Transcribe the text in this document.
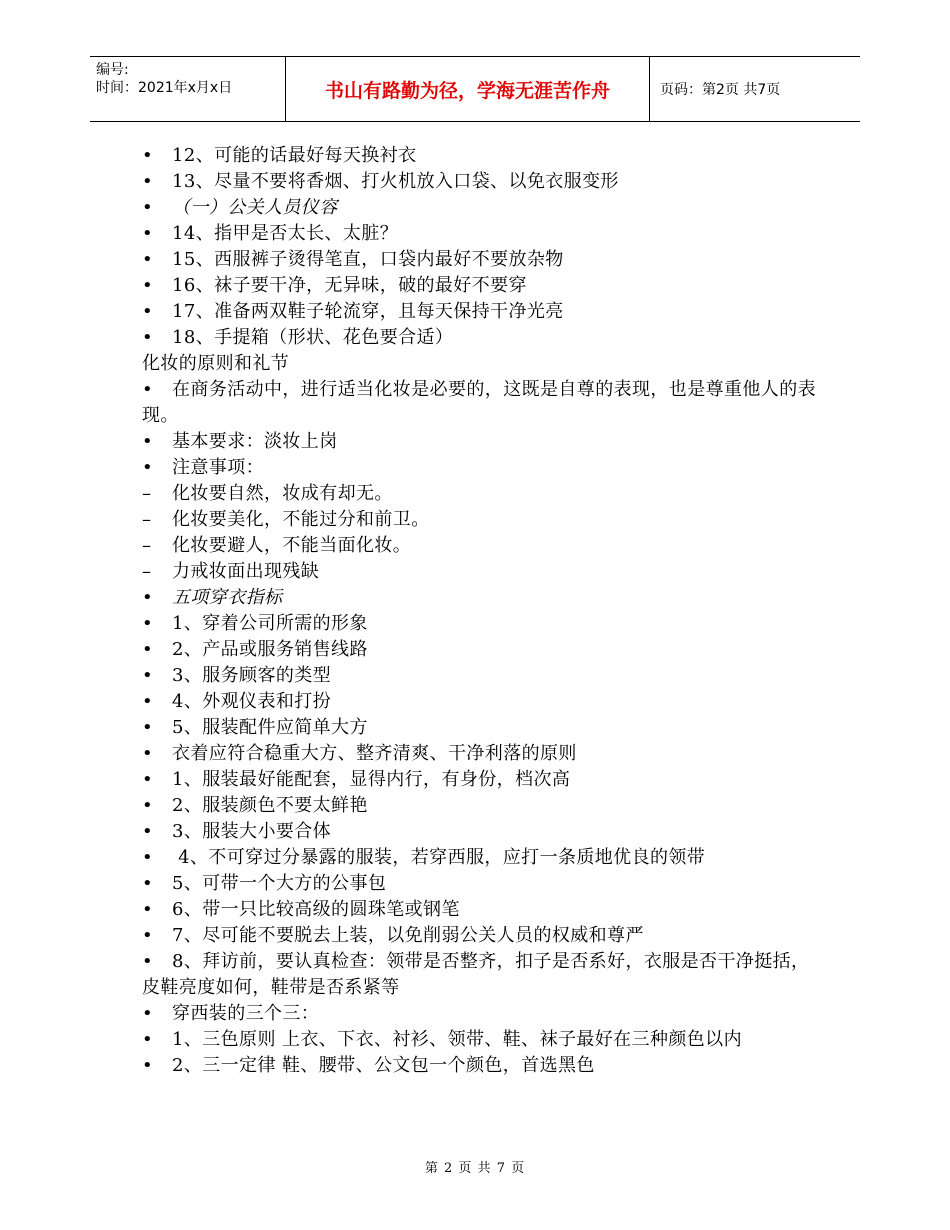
编号:
时间：2021年x月x日	书山有路勤为径，学海无涯苦作舟	页码：第2页 共7页
• 12、可能的话最好每天换衬衣
• 13、尽量不要将香烟、打火机放入口袋、以免衣服变形
• （一）公关人员仪容
• 14、指甲是否太长、太脏？
• 15、西服裤子烫得笔直，口袋内最好不要放杂物
• 16、袜子要干净，无异味，破的最好不要穿
• 17、准备两双鞋子轮流穿，且每天保持干净光亮
• 18、手提箱（形状、花色要合适）
化妆的原则和礼节
• 在商务活动中，进行适当化妆是必要的，这既是自尊的表现，也是尊重他人的表现。
• 基本要求：淡妆上岗
• 注意事项：
– 化妆要自然，妆成有却无。
– 化妆要美化，不能过分和前卫。
– 化妆要避人，不能当面化妆。
– 力戒妆面出现残缺
• 五项穿衣指标
• 1、穿着公司所需的形象
• 2、产品或服务销售线路
• 3、服务顾客的类型
• 4、外观仪表和打扮
• 5、服装配件应简单大方
• 衣着应符合稳重大方、整齐清爽、干净利落的原则
• 1、服装最好能配套，显得内行，有身份，档次高
• 2、服装颜色不要太鲜艳
• 3、服装大小要合体
• 4、不可穿过分暴露的服装，若穿西服，应打一条质地优良的领带
• 5、可带一个大方的公事包
• 6、带一只比较高级的圆珠笔或钢笔
• 7、尽可能不要脱去上装，以免削弱公关人员的权威和尊严
• 8、拜访前，要认真检查：领带是否整齐，扣子是否系好，衣服是否干净挺括，皮鞋亮度如何，鞋带是否系紧等
• 穿西装的三个三：
• 1、三色原则 上衣、下衣、衬衫、领带、鞋、袜子最好在三种颜色以内
• 2、三一定律 鞋、腰带、公文包一个颜色，首选黑色
第 2 页 共 7 页
